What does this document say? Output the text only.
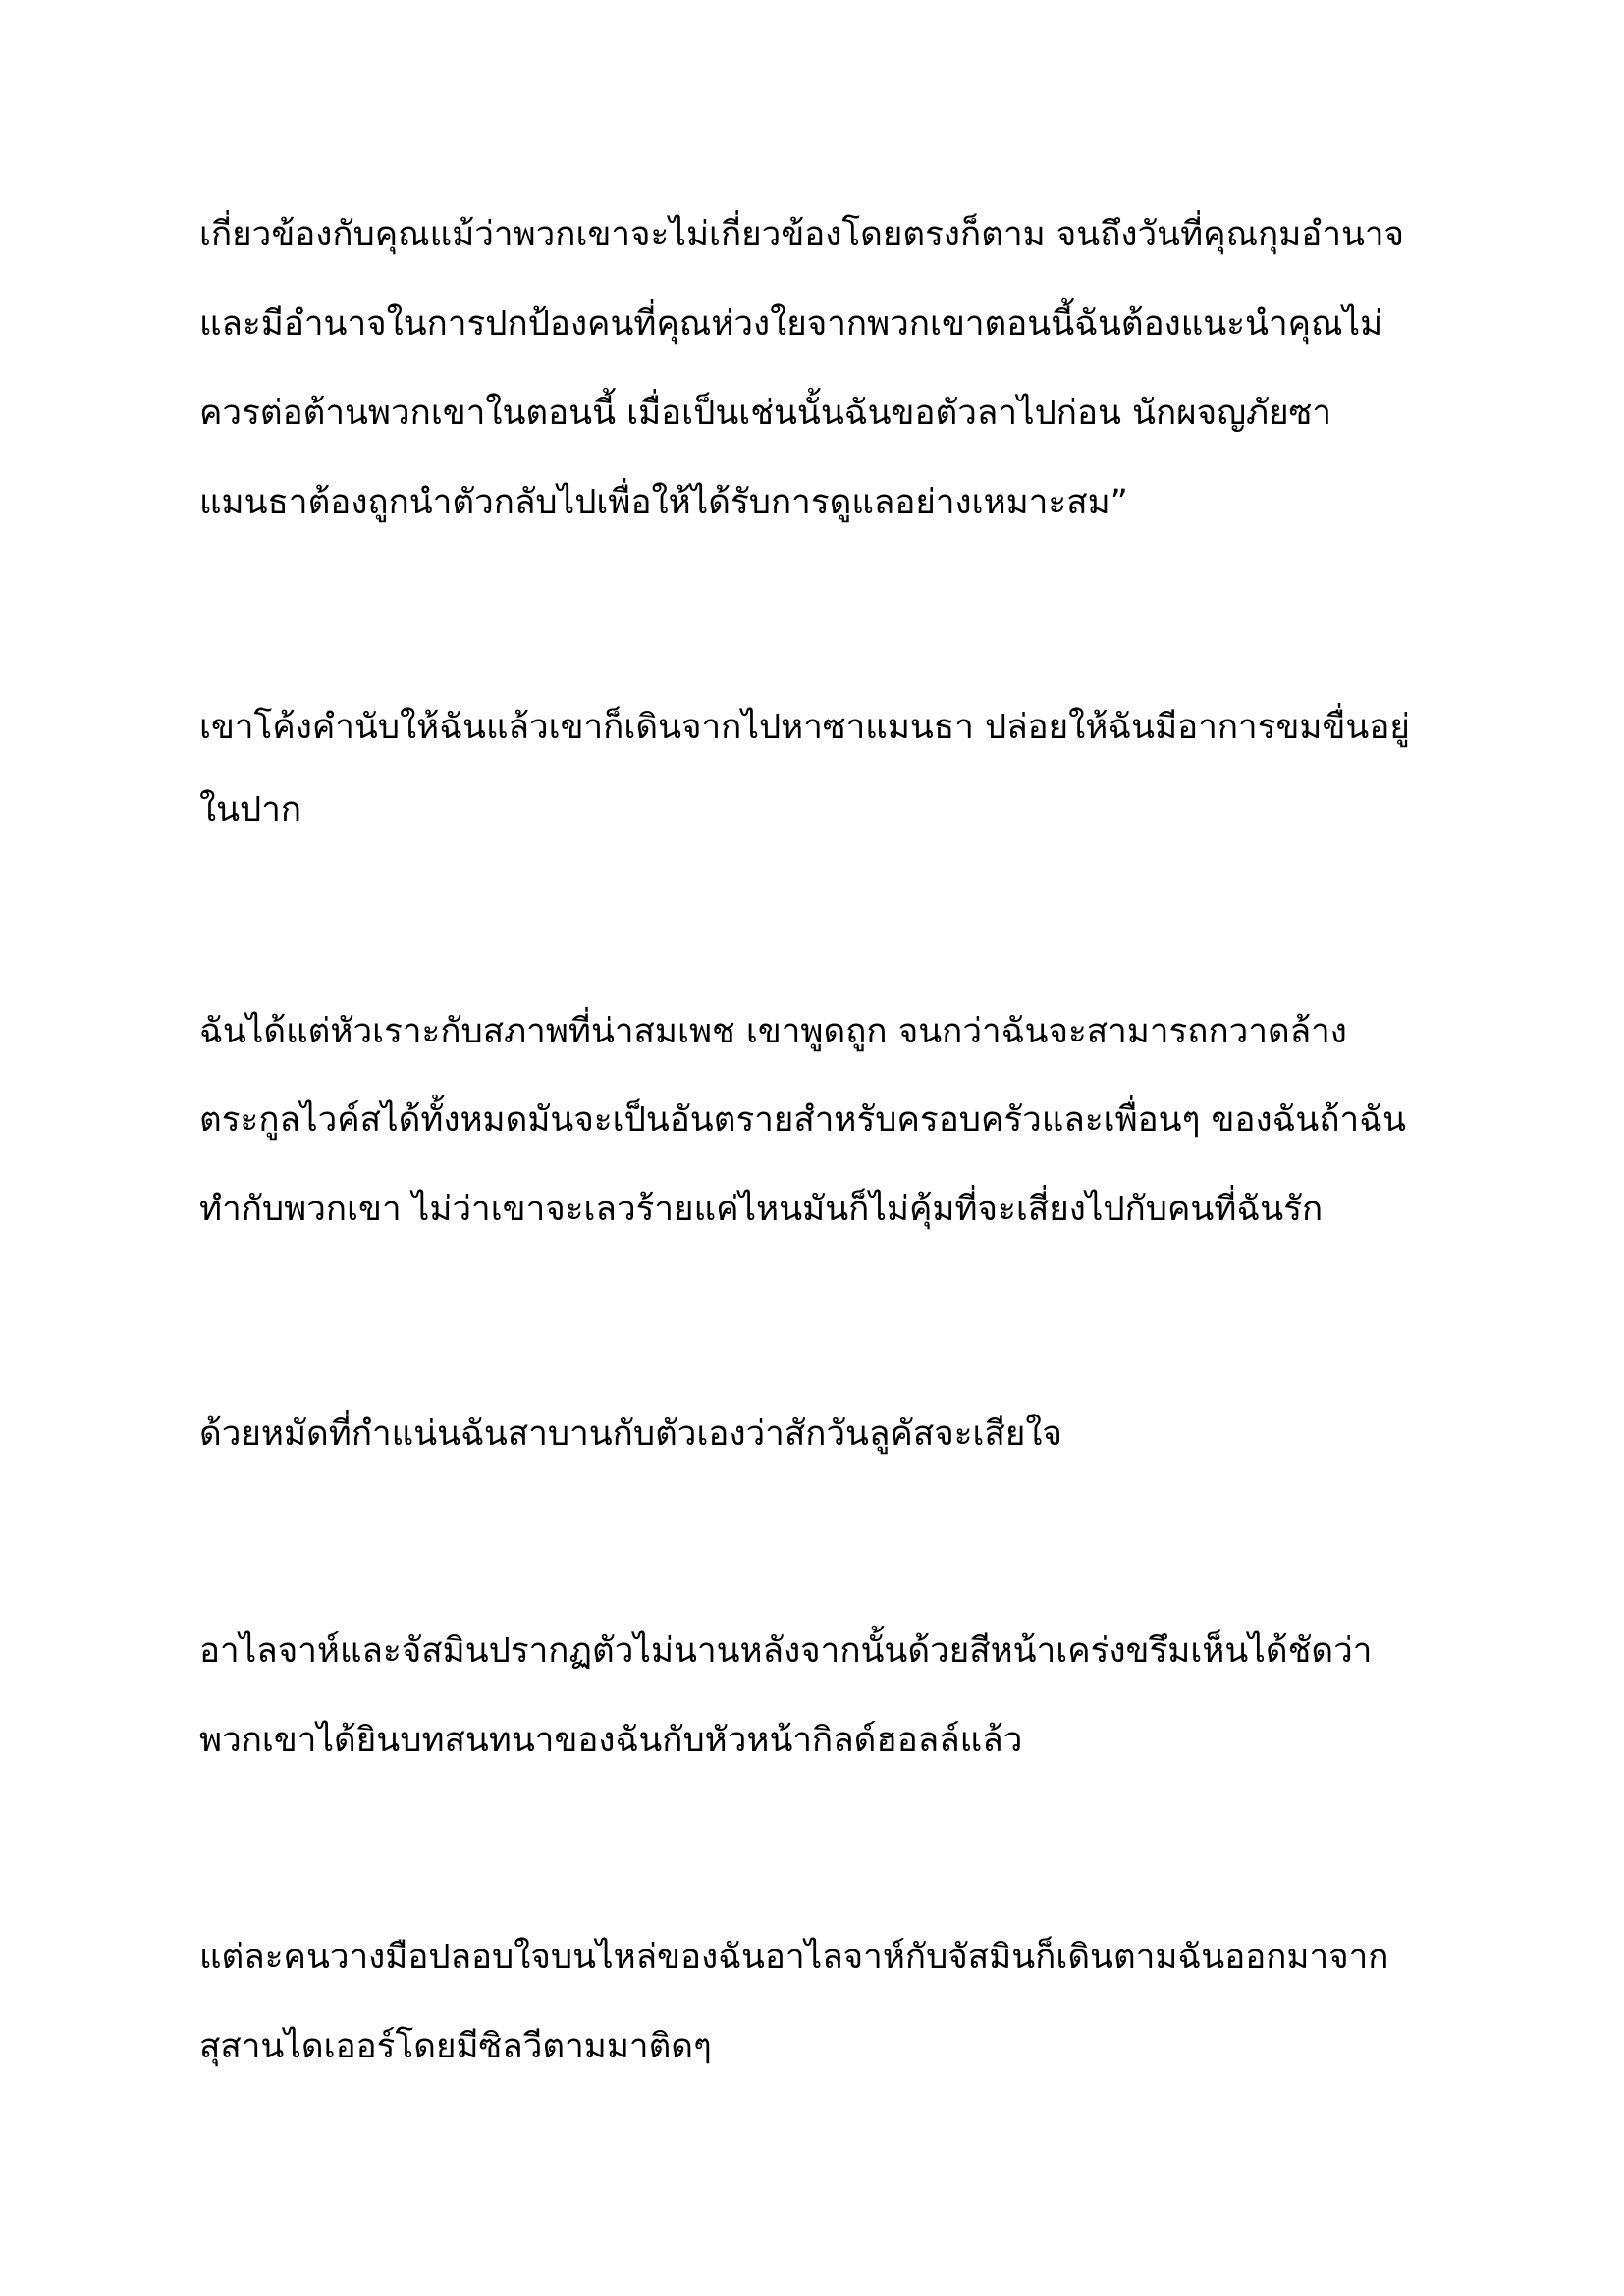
เกี่ยวข้องกับคุณแม้ว่าพวกเขาจะไม่เกี่ยวข้องโดยตรงก็ตาม จนถึงวันที่คุณกุมอำนาจ

และมีอำนาจในการปกป้องคนที่คุณห่วงใยจากพวกเขาตอนนี้ฉันต้องแนะนำคุณไม่

ควรต่อต้านพวกเขาในตอนนี้ เมื่อเป็นเช่นนั้นฉันขอตัวลาไปก่อน นักผจญภัยซา

แมนธาต้องถูกนำตัวกลับไปเพื่อให้ได้รับการดูแลอย่างเหมาะสม”

เขาโค้งคำนับให้ฉันแล้วเขาก็เดินจากไปหาซาแมนธา ปล่อยให้ฉันมีอาการขมขื่นอยู่

ในปาก

ฉันได้แต่หัวเราะกับสภาพที่น่าสมเพช เขาพูดถูก จนกว่าฉันจะสามารถกวาดล้าง

ตระกูลไวค์สได้ทั้งหมดมันจะเป็นอันตรายสำหรับครอบครัวและเพื่อนๆ ของฉันถ้าฉัน

ทำกับพวกเขา ไม่ว่าเขาจะเลวร้ายแค่ไหนมันก็ไม่คุ้มที่จะเสี่ยงไปกับคนที่ฉันรัก

ด้วยหมัดที่กำแน่นฉันสาบานกับตัวเองว่าสักวันลูคัสจะเสียใจ

อาไลจาห์และจัสมินปรากฏตัวไม่นานหลังจากนั้นด้วยสีหน้าเคร่งขรึมเห็นได้ชัดว่า

พวกเขาได้ยินบทสนทนาของฉันกับหัวหน้ากิลด์ฮอลล์แล้ว

แต่ละคนวางมือปลอบใจบนไหล่ของฉันอาไลจาห์กับจัสมินก็เดินตามฉันออกมาจาก

สุสานไดเออร์โดยมีซิลวีตามมาติดๆ
